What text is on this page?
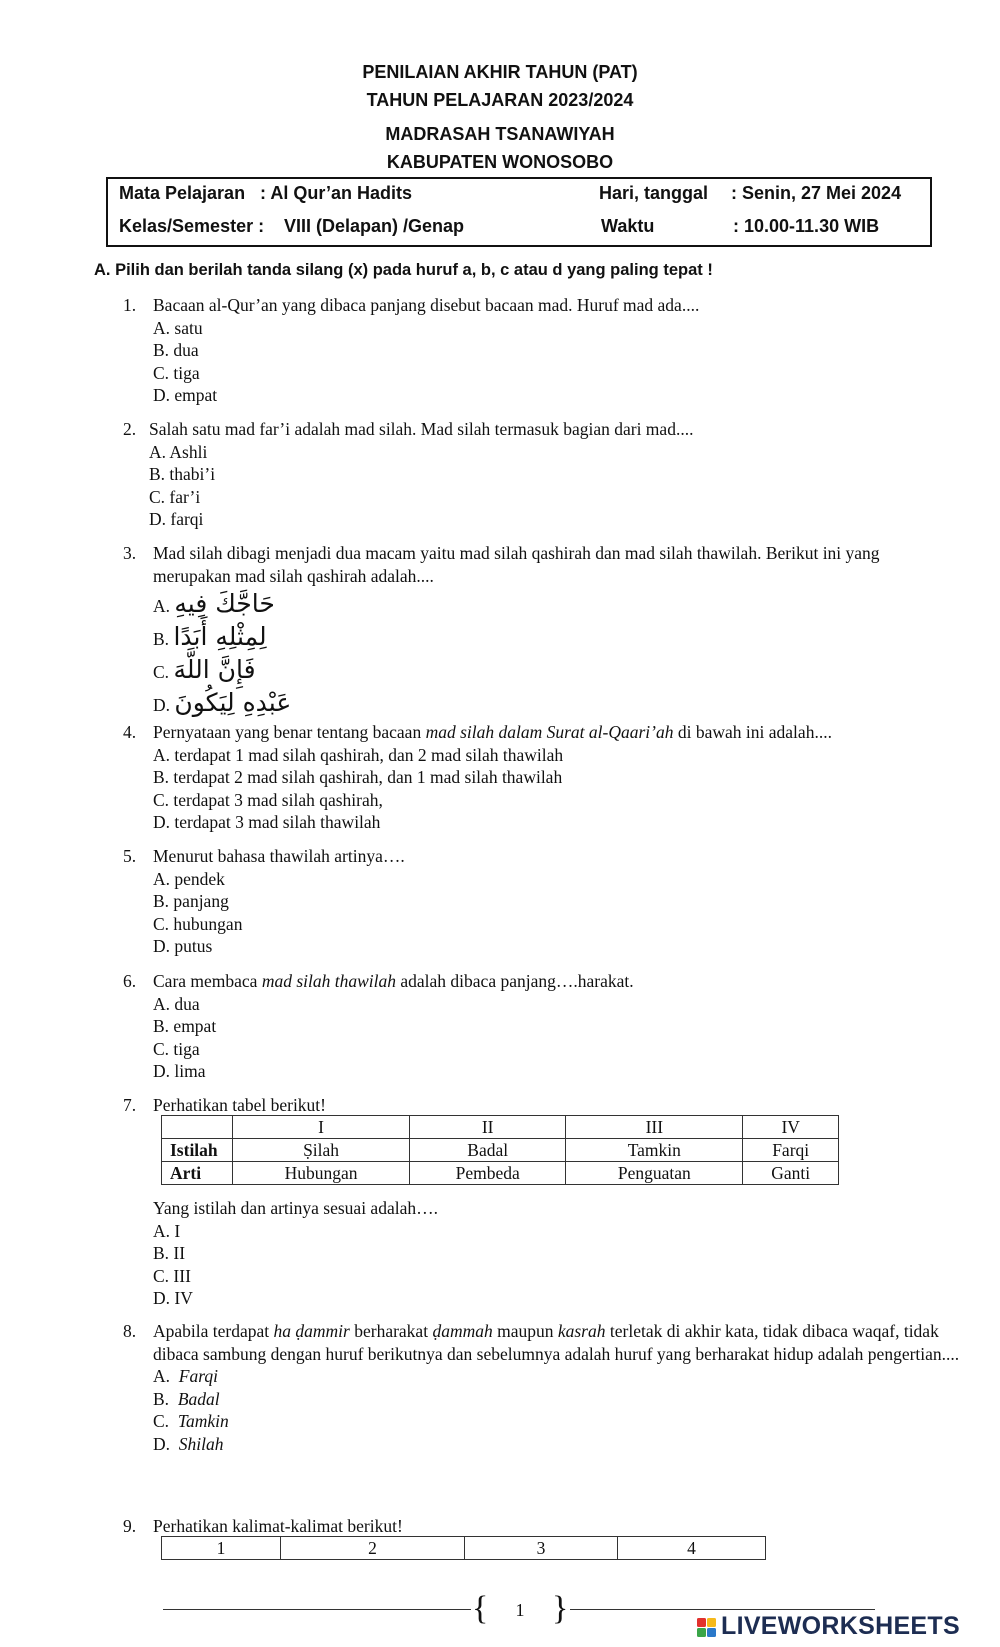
PENILAIAN AKHIR TAHUN (PAT)
TAHUN PELAJARAN 2023/2024
MADRASAH TSANAWIYAH
KABUPATEN WONOSOBO
Mata Pelajaran : Al Qur’an Hadits	Hari, tanggal : Senin, 27 Mei 2024
Kelas/Semester : VIII (Delapan) /Genap	Waktu	: 10.00-11.30 WIB
A. Pilih dan berilah tanda silang (x) pada huruf a, b, c atau d yang paling tepat !
1. Bacaan al-Qur’an yang dibaca panjang disebut bacaan mad. Huruf mad ada....
A. satu
B. dua
C. tiga
D. empat
2. Salah satu mad far’i adalah mad silah. Mad silah termasuk bagian dari mad....
A. Ashli
B. thabi’i
C. far’i
D. farqi
3. Mad silah dibagi menjadi dua macam yaitu mad silah qashirah dan mad silah thawilah. Berikut ini yang merupakan mad silah qashirah adalah....
A. حَاجَّكَ فِيهِ
B. لِمِثْلِهِ أَبَدًا
C. فَإِنَّ اللَّهَ
D. عَبْدِهِ لِيَكُونَ
4. Pernyataan yang benar tentang bacaan mad silah dalam Surat al-Qaari’ah di bawah ini adalah....
A. terdapat 1 mad silah qashirah, dan 2 mad silah thawilah
B. terdapat 2 mad silah qashirah, dan 1 mad silah thawilah
C. terdapat 3 mad silah qashirah,
D. terdapat 3 mad silah thawilah
5. Menurut bahasa thawilah artinya….
A. pendek
B. panjang
C. hubungan
D. putus
6. Cara membaca mad silah thawilah adalah dibaca panjang….harakat.
A. dua
B. empat
C. tiga
D. lima
7. Perhatikan tabel berikut!
	I	II	III	IV
Istilah	Ṣilah	Badal	Tamkin	Farqi
Arti	Hubungan	Pembeda	Penguatan	Ganti
Yang istilah dan artinya sesuai adalah….
A. I
B. II
C. III
D. IV
8. Apabila terdapat ha ḍammir berharakat ḍammah maupun kasrah terletak di akhir kata, tidak dibaca waqaf, tidak dibaca sambung dengan huruf berikutnya dan sebelumnya adalah huruf yang berharakat hidup adalah pengertian....
A. Farqi
B. Badal
C. Tamkin
D. Shilah
9. Perhatikan kalimat-kalimat berikut!
1	2	3	4
{	1 }	LIVEWORKSHEETS
